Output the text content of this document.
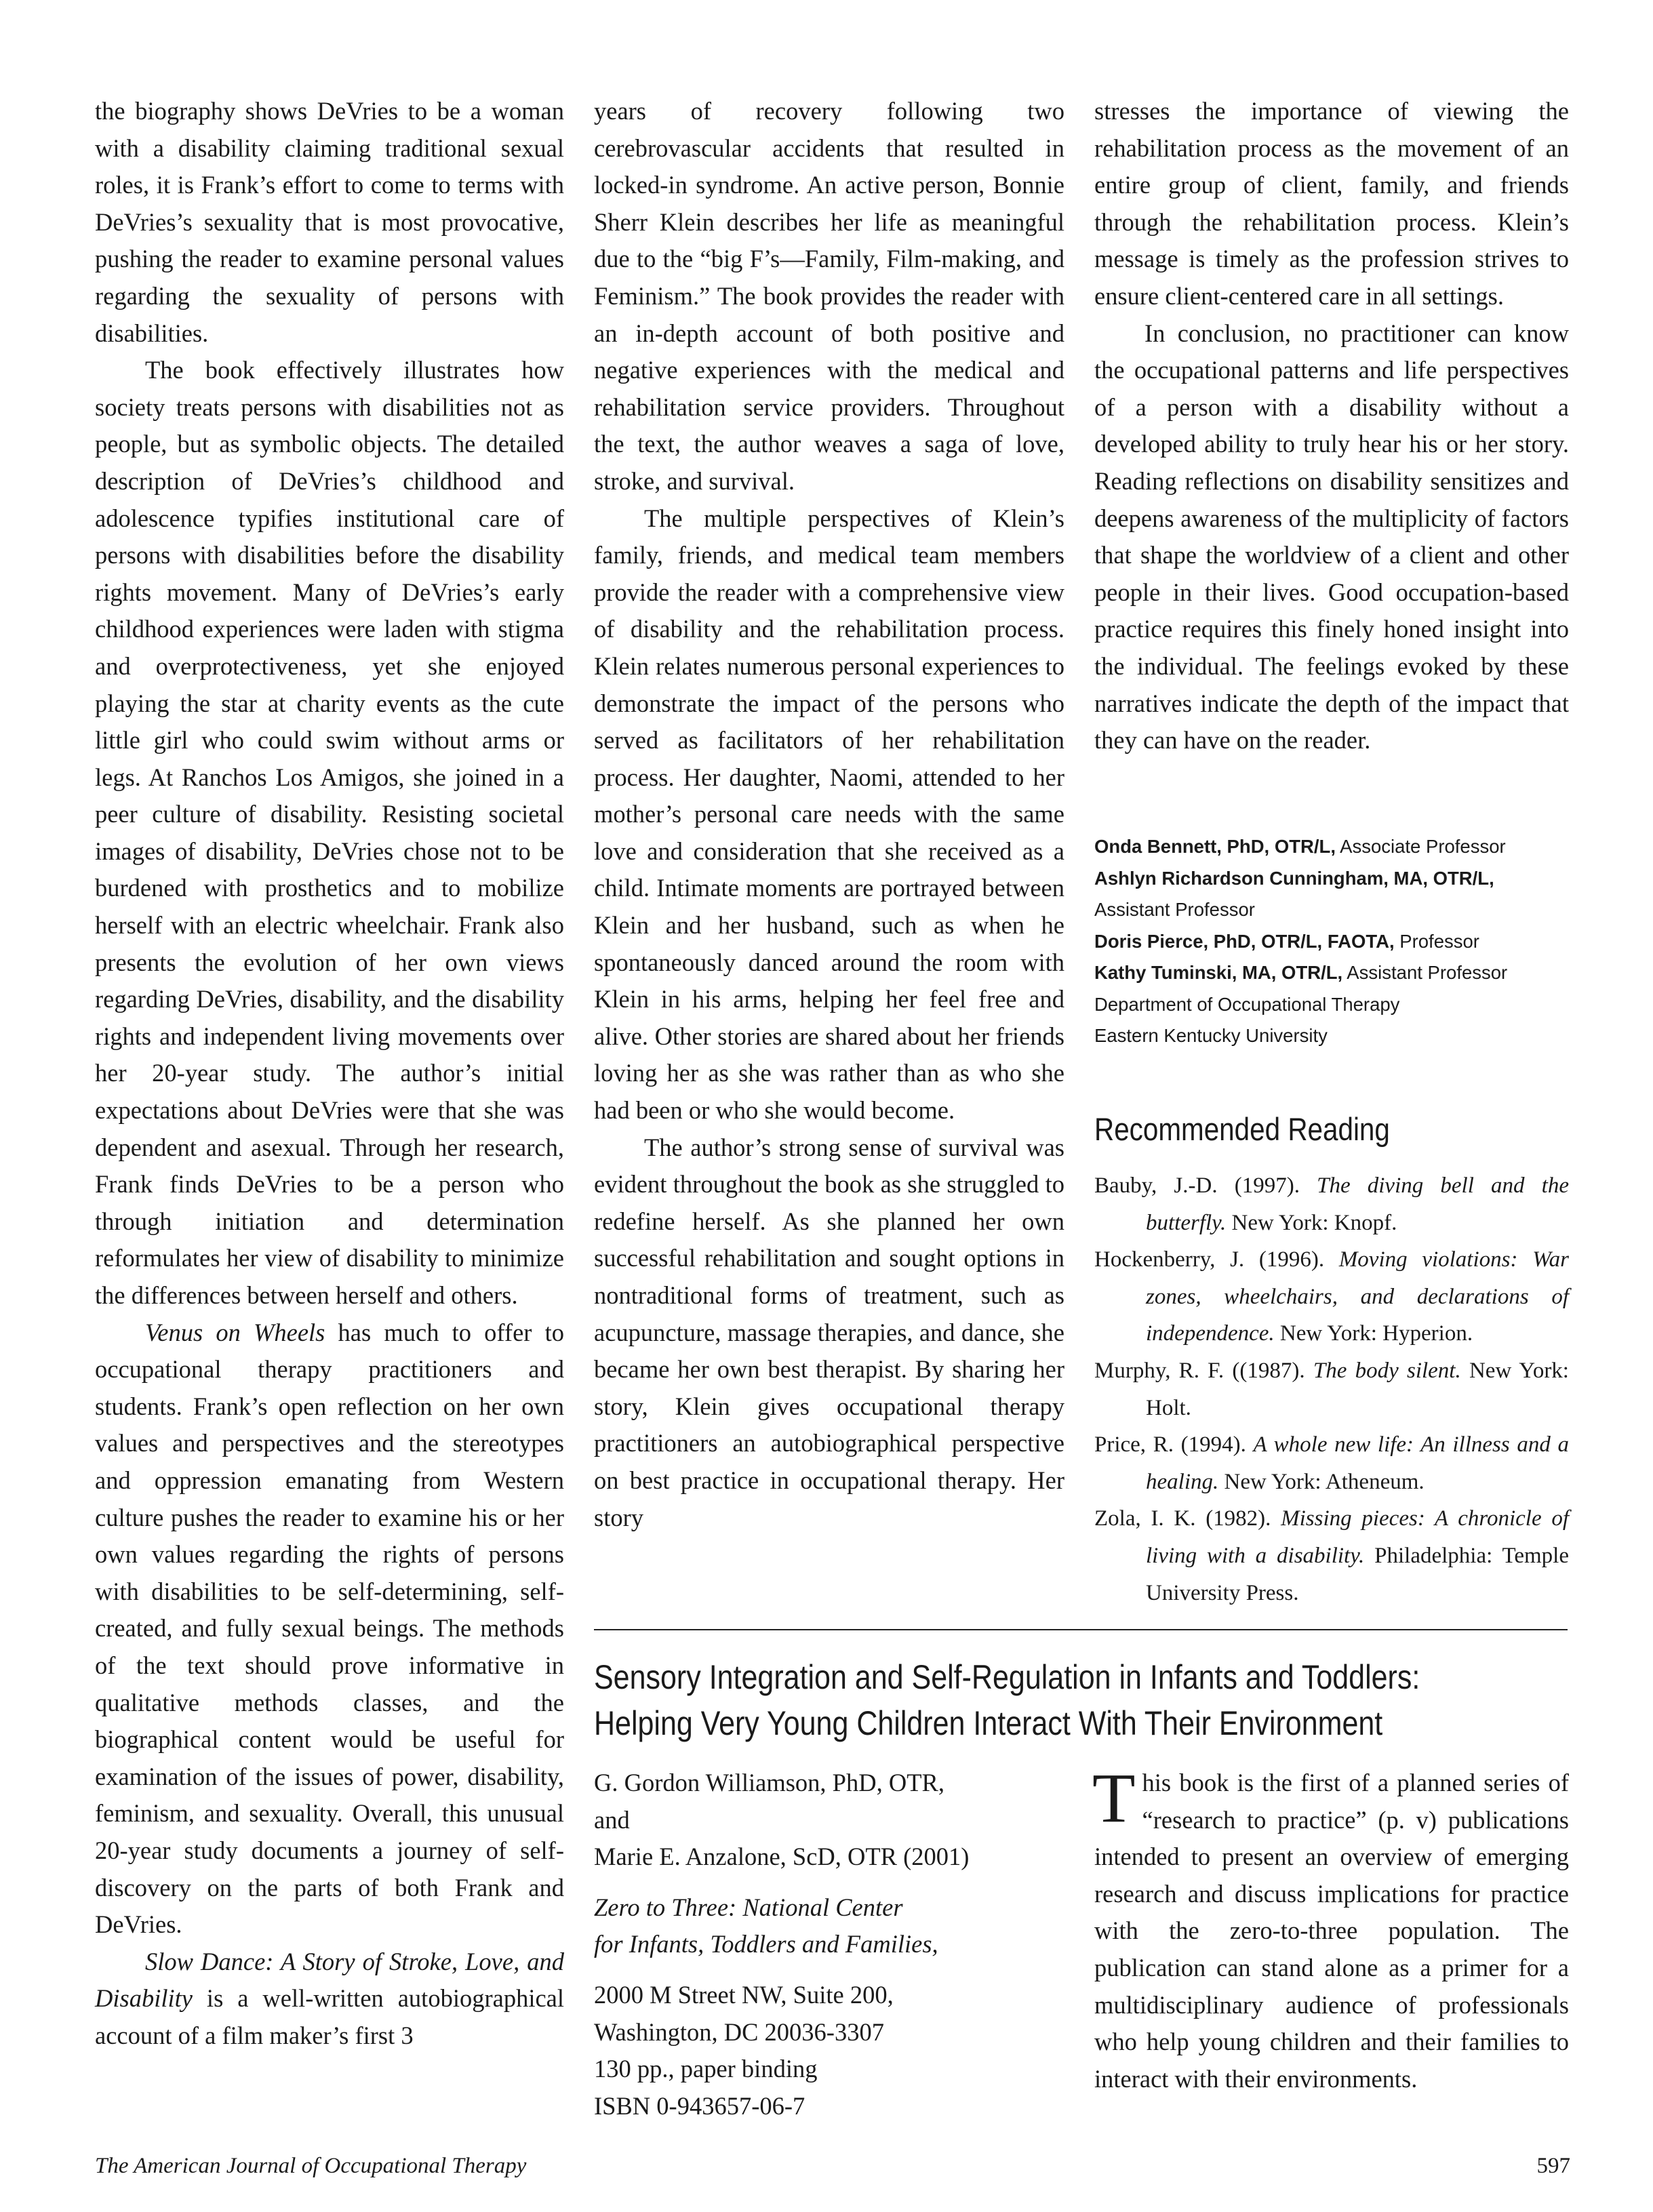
the biography shows DeVries to be a woman with a disability claiming traditional sexual roles, it is Frank’s effort to come to terms with DeVries’s sexuality that is most provocative, pushing the reader to examine personal values regarding the sexuality of persons with disabilities.

The book effectively illustrates how society treats persons with disabilities not as people, but as symbolic objects. The detailed description of DeVries’s childhood and adolescence typifies institutional care of persons with disabilities before the disability rights movement. Many of DeVries’s early childhood experiences were laden with stigma and overprotectiveness, yet she enjoyed playing the star at charity events as the cute little girl who could swim without arms or legs. At Ranchos Los Amigos, she joined in a peer culture of disability. Resisting societal images of disability, DeVries chose not to be burdened with prosthetics and to mobilize herself with an electric wheelchair. Frank also presents the evolution of her own views regarding DeVries, disability, and the disability rights and independent living movements over her 20-year study. The author’s initial expectations about DeVries were that she was dependent and asexual. Through her research, Frank finds DeVries to be a person who through initiation and determination reformulates her view of disability to minimize the differences between herself and others.

Venus on Wheels has much to offer to occupational therapy practitioners and students. Frank’s open reflection on her own values and perspectives and the stereotypes and oppression emanating from Western culture pushes the reader to examine his or her own values regarding the rights of persons with disabilities to be self-determining, self-created, and fully sexual beings. The methods of the text should prove informative in qualitative methods classes, and the biographical content would be useful for examination of the issues of power, disability, feminism, and sexuality. Overall, this unusual 20-year study documents a journey of self-discovery on the parts of both Frank and DeVries.

Slow Dance: A Story of Stroke, Love, and Disability is a well-written autobiographical account of a film maker’s first 3

years of recovery following two cerebrovascular accidents that resulted in locked-in syndrome. An active person, Bonnie Sherr Klein describes her life as meaningful due to the “big F’s—Family, Film-making, and Feminism.” The book provides the reader with an in-depth account of both positive and negative experiences with the medical and rehabilitation service providers. Throughout the text, the author weaves a saga of love, stroke, and survival.

The multiple perspectives of Klein’s family, friends, and medical team members provide the reader with a comprehensive view of disability and the rehabilitation process. Klein relates numerous personal experiences to demonstrate the impact of the persons who served as facilitators of her rehabilitation process. Her daughter, Naomi, attended to her mother’s personal care needs with the same love and consideration that she received as a child. Intimate moments are portrayed between Klein and her husband, such as when he spontaneously danced around the room with Klein in his arms, helping her feel free and alive. Other stories are shared about her friends loving her as she was rather than as who she had been or who she would become.

The author’s strong sense of survival was evident throughout the book as she struggled to redefine herself. As she planned her own successful rehabilitation and sought options in nontraditional forms of treatment, such as acupuncture, massage therapies, and dance, she became her own best therapist. By sharing her story, Klein gives occupational therapy practitioners an autobiographical perspective on best practice in occupational therapy. Her story

stresses the importance of viewing the rehabilitation process as the movement of an entire group of client, family, and friends through the rehabilitation process. Klein’s message is timely as the profession strives to ensure client-centered care in all settings.

In conclusion, no practitioner can know the occupational patterns and life perspectives of a person with a disability without a developed ability to truly hear his or her story. Reading reflections on disability sensitizes and deepens awareness of the multiplicity of factors that shape the worldview of a client and other people in their lives. Good occupation-based practice requires this finely honed insight into the individual. The feelings evoked by these narratives indicate the depth of the impact that they can have on the reader.

Onda Bennett, PhD, OTR/L, Associate Professor
Ashlyn Richardson Cunningham, MA, OTR/L,
Assistant Professor
Doris Pierce, PhD, OTR/L, FAOTA, Professor
Kathy Tuminski, MA, OTR/L, Assistant Professor
Department of Occupational Therapy
Eastern Kentucky University
Recommended Reading
Bauby, J.-D. (1997). The diving bell and the butterfly. New York: Knopf.
Hockenberry, J. (1996). Moving violations: War zones, wheelchairs, and declarations of independence. New York: Hyperion.
Murphy, R. F. ((1987). The body silent. New York: Holt.
Price, R. (1994). A whole new life: An illness and a healing. New York: Atheneum.
Zola, I. K. (1982). Missing pieces: A chronicle of living with a disability. Philadelphia: Temple University Press.
Sensory Integration and Self-Regulation in Infants and Toddlers:
Helping Very Young Children Interact With Their Environment
G. Gordon Williamson, PhD, OTR,
and
Marie E. Anzalone, ScD, OTR (2001)
Zero to Three: National Center
for Infants, Toddlers and Families,
2000 M Street NW, Suite 200,
Washington, DC 20036-3307
130 pp., paper binding
ISBN 0-943657-06-7

This book is the first of a planned series of “research to practice” (p. v) publications intended to present an overview of emerging research and discuss implications for practice with the zero-to-three population. The publication can stand alone as a primer for a multidisciplinary audience of professionals who help young children and their families to interact with their environments.

The American Journal of Occupational Therapy	597
